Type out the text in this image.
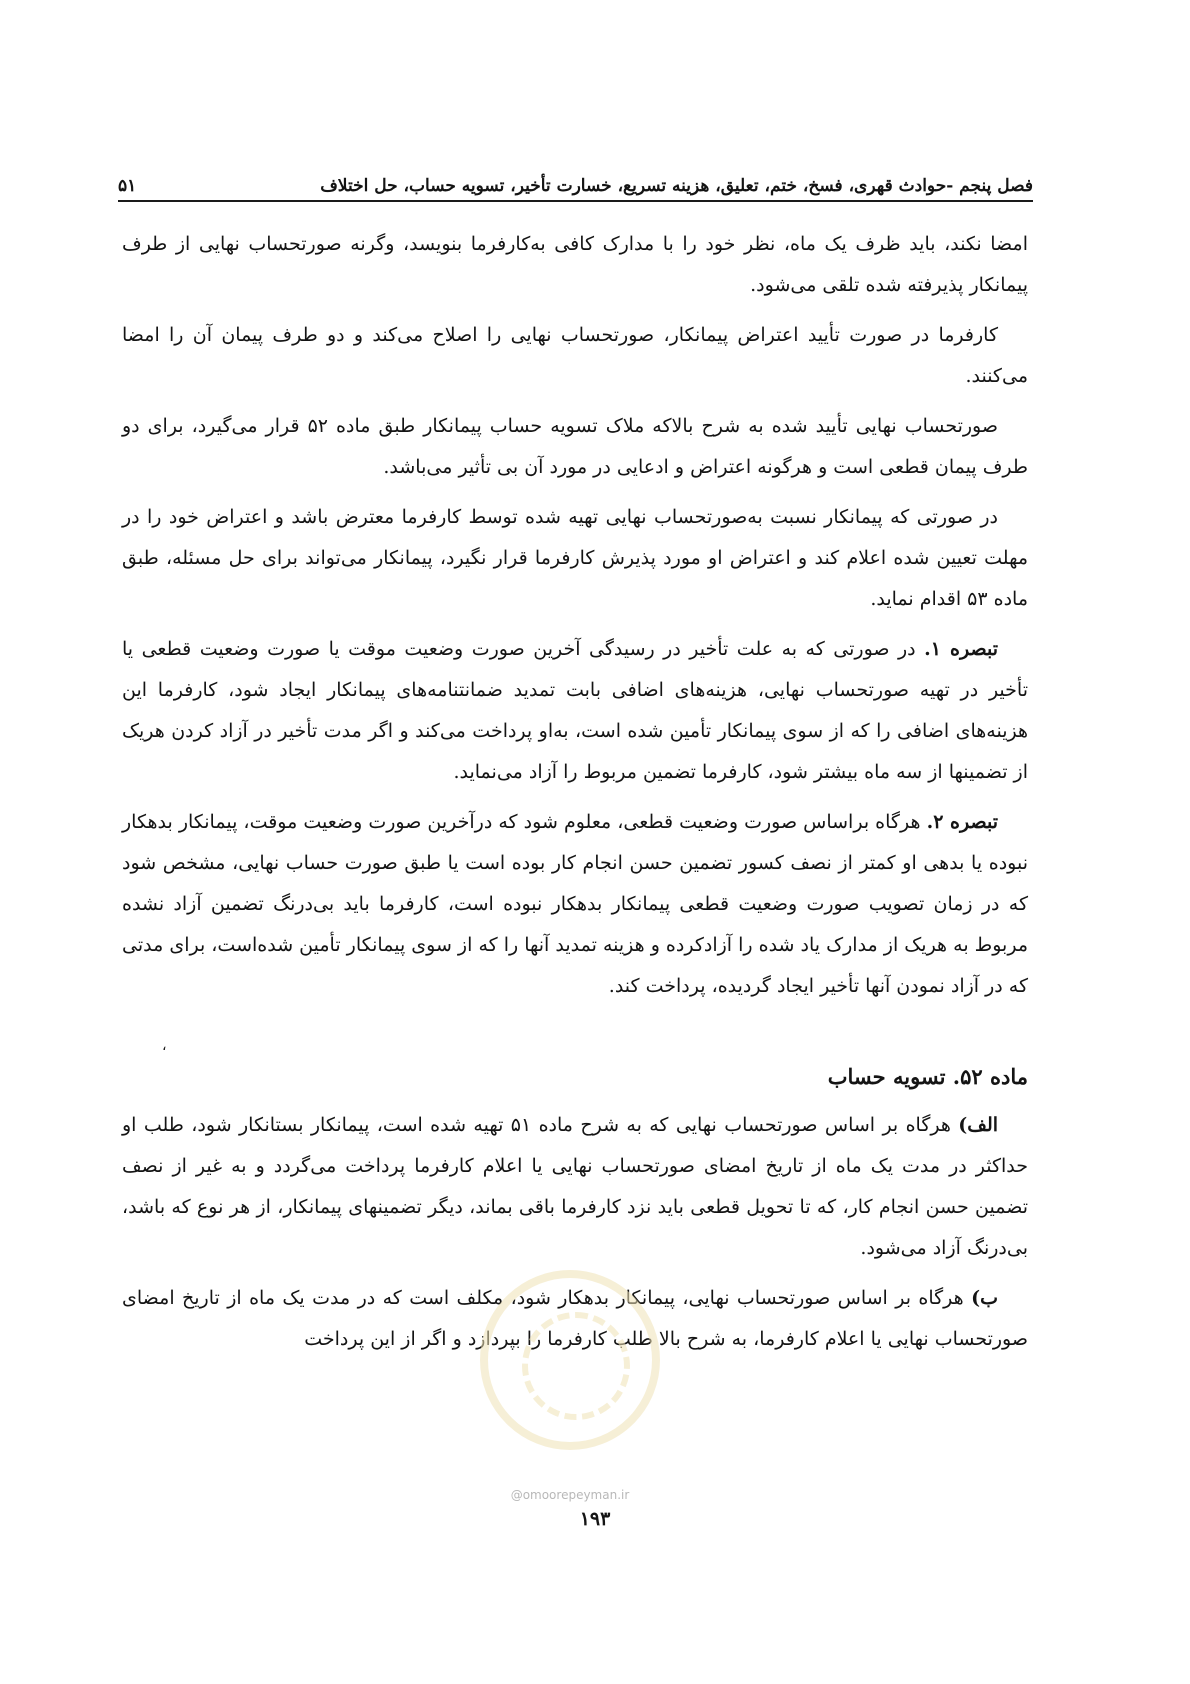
فصل پنجم -حوادث قهری، فسخ، ختم، تعلیق، هزینه تسریع، خسارت تأخیر، تسویه حساب، حل اختلاف
۵۱

امضا نکند، باید ظرف یک ماه، نظر خود را با مدارک کافی به‌کارفرما بنویسد، وگرنه صورتحساب نهایی از طرف پیمانکار پذیرفته شده تلقی می‌شود.

کارفرما در صورت تأیید اعتراض پیمانکار، صورتحساب نهایی را اصلاح می‌کند و دو طرف پیمان آن را امضا می‌کنند.

صورتحساب نهایی تأیید شده به شرح بالاکه ملاک تسویه حساب پیمانکار طبق ماده ۵۲ قرار می‌گیرد، برای دو طرف پیمان قطعی است و هرگونه اعتراض و ادعایی در مورد آن بی تأثیر می‌باشد.

در صورتی که پیمانکار نسبت به‌صورتحساب نهایی تهیه شده توسط کارفرما معترض باشد و اعتراض خود را در مهلت تعیین شده اعلام کند و اعتراض او مورد پذیرش کارفرما قرار نگیرد، پیمانکار می‌تواند برای حل مسئله، طبق ماده ۵۳ اقدام نماید.

تبصره ۱. در صورتی که به علت تأخیر در رسیدگی آخرین صورت وضعیت موقت یا صورت وضعیت قطعی یا تأخیر در تهیه صورتحساب نهایی، هزینه‌های اضافی بابت تمدید ضمانتنامه‌های پیمانکار ایجاد شود، کارفرما این هزینه‌های اضافی را که از سوی پیمانکار تأمین شده است، به‌او پرداخت می‌کند و اگر مدت تأخیر در آزاد کردن هریک از تضمینها از سه ماه بیشتر شود، کارفرما تضمین مربوط را آزاد می‌نماید.

تبصره ۲. هرگاه براساس صورت وضعیت قطعی، معلوم شود که درآخرین صورت وضعیت موقت، پیمانکار بدهکار نبوده یا بدهی او کمتر از نصف کسور تضمین حسن انجام کار بوده است یا طبق صورت حساب نهایی، مشخص شود که در زمان تصویب صورت وضعیت قطعی پیمانکار بدهکار نبوده است، کارفرما باید بی‌درنگ تضمین آزاد نشده مربوط به هریک از مدارک یاد شده را آزادکرده و هزینه تمدید آنها را که از سوی پیمانکار تأمین شده‌است، برای مدتی که در آزاد نمودن آنها تأخیر ایجاد گردیده، پرداخت کند.

،
ماده ۵۲. تسویه حساب

الف) هرگاه بر اساس صورتحساب نهایی که به شرح ماده ۵۱ تهیه شده است، پیمانکار بستانکار شود، طلب او حداکثر در مدت یک ماه از تاریخ امضای صورتحساب نهایی یا اعلام کارفرما پرداخت می‌گردد و به غیر از نصف تضمین حسن انجام کار، که تا تحویل قطعی باید نزد کارفرما باقی بماند، دیگر تضمینهای پیمانکار، از هر نوع که باشد، بی‌درنگ آزاد می‌شود.

ب) هرگاه بر اساس صورتحساب نهایی، پیمانکار بدهکار شود، مکلف است که در مدت یک ماه از تاریخ امضای صورتحساب نهایی یا اعلام کارفرما، به شرح بالا طلب کارفرما را بپردازد و اگر از این پرداخت

@omoorepeyman.ir
۱۹۳
